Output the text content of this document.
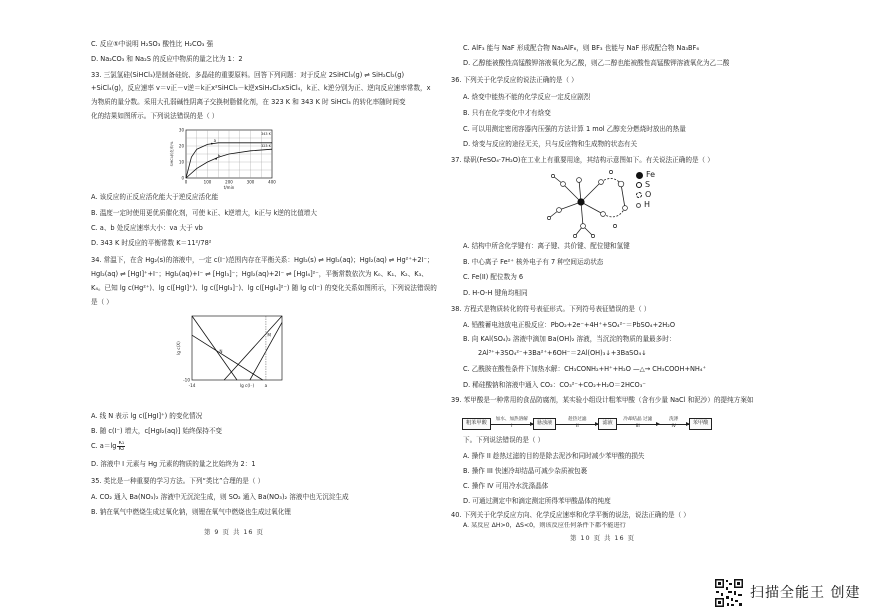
C. 反应⑤中说明 H₂SO₃ 酸性比 H₂CO₃ 强
D. Na₂CO₃ 和 Na₂S 的反应中物质的量之比为 1：2
33. 三氯氢硅(SiHCl₃)是制备硅烷、多晶硅的重要原料。回答下列问题：对于反应 2SiHCl₃(g) ⇌ SiH₂Cl₂(g)
+SiCl₄(g)，反应速率 v＝v正－v逆＝k正x²SiHCl₃－k逆xSiH₂Cl₂xSiCl₄，k正、k逆分别为正、逆向反应速率常数，x
为物质的量分数。采用大孔弱碱性阴离子交换树脂催化剂，在 323 K 和 343 K 时 SiHCl₃ 的转化率随时间变
化的结果如图所示。下列说法错误的是（ ）
0	100	200	300	400
0
10
20
30
t/min
SiHCl₃转化率/%
a
b
343 K
323 K
A. 该反应的正反应活化能大于逆反应活化能
B. 温度一定时使用更优质催化剂，可使 k正、k逆增大，k正与 k逆的比值增大
C. a、b 处反应速率大小：va 大于 vb
D. 343 K 时反应的平衡常数 K＝11²/78²
34. 常温下，在含 Hg₂(s)的溶液中，一定 c(I⁻)范围内存在平衡关系：HgI₂(s) ⇌ HgI₂(aq)；HgI₂(aq) ⇌ Hg²⁺+2I⁻；
HgI₂(aq) ⇌ [HgI]⁺+I⁻；HgI₂(aq)+I⁻ ⇌ [HgI₃]⁻；HgI₂(aq)+2I⁻ ⇌ [HgI₄]²⁻，平衡常数依次为 K₀、K₁、K₂、K₃、
K₄。已知 lg c(Hg²⁺)、lg c([HgI]⁺)、lg c([HgI₃]⁻)、lg c([HgI₄]²⁻) 随 lg c(I⁻) 的变化关系如图所示，下列说法错误的
是（ ）
N
M
-14	a
-10
lg c(I⁻)
lg c(X)
A. 线 N 表示 lg c([HgI]⁺) 的变化情况
B. 随 c(I⁻) 增大，c[HgI₂(aq)] 始终保持不变
C. $a=\lg \frac{\text{K₁}}{\text{K₂}}$
D. 溶液中 I 元素与 Hg 元素的物质的量之比始终为 2：1
35. 类比是一种重要的学习方法。下列“类比”合理的是（ ）
A. CO₂ 通入 Ba(NO₃)₂ 溶液中无沉淀生成，则 SO₂ 通入 Ba(NO₃)₂ 溶液中也无沉淀生成
B. 钠在氧气中燃烧生成过氧化钠，则锂在氧气中燃烧也生成过氧化锂
第 9 页 共 16 页
C. AlF₃ 能与 NaF 形成配合物 Na₃AlF₆，则 BF₃ 也能与 NaF 形成配合物 Na₃BF₆
D. 乙醇能被酸性高锰酸钾溶液氧化为乙酸，则乙二醇也能被酸性高锰酸钾溶液氧化为乙二酸
36. 下列关于化学反应的说法正确的是（ ）
A. 焓变中能热不能的化学反应一定反应剧烈
B. 只有在化学变化中才有焓变
C. 可以用测定密闭容器内压强的方法计算 1 mol 乙醇充分燃烧时放出的热量
D. 焓变与反应的途径无关，只与反应物和生成物的状态有关
37. 绿矾(FeSO₄·7H₂O)在工业上有重要用途，其结构示意图如下。有关说法正确的是（ ）
A. 结构中所含化学键有：离子键、共价键、配位键和氢键
B. 中心离子 Fe²⁺ 核外电子有 7 种空间运动状态
C. Fe(II) 配位数为 6
D. H-O-H 键角均相同
38. 方程式是物质转化的符号表征形式。下列符号表征错误的是（ ）
A. 铅酸蓄电池放电正极反应：PbO₂+2e⁻+4H⁺+SO₄²⁻＝PbSO₄+2H₂O
B. 向 KAl(SO₄)₂ 溶液中滴加 Ba(OH)₂ 溶液，当沉淀的物质的量最多时：
2Al³⁺+3SO₄²⁻+3Ba²⁺+6OH⁻＝2Al(OH)₃↓+3BaSO₄↓
C. 乙酰胺在酸性条件下加热水解：CH₃CONH₂+H⁺+H₂O —△→ CH₃COOH+NH₄⁺
D. 稀硅酸钠和溶液中通入 CO₂：CO₃²⁻+CO₂+H₂O＝2HCO₃⁻
39. 苯甲酸是一种常用的食品防腐剂，某实验小组设计粗苯甲酸（含有少量 NaCl 和泥沙）的提纯方案如
下。下列说法错误的是（ ）
A. 操作 II 趁热过滤的目的是除去泥沙和同时减少苯甲酸的损失
B. 操作 III 快速冷却结晶可减少杂质被包裹
C. 操作 IV 可用冷水洗涤晶体
D. 可通过测定中和滴定测定所得苯甲酸晶体的纯度
40. 下列关于化学反应方向、化学反应速率和化学平衡的说法，说法正确的是（ ）
A. 某反应 ΔH>0，ΔS<0，则该反应任何条件下都不能进行
第 10 页 共 16 页
Fe
S
O
H
粗苯甲酸
加水、加热溶解
I
悬浊液
趁热过滤
II
滤液
冷却结晶 过滤
III
洗涤
IV
苯甲酸
扫描全能王 创建
